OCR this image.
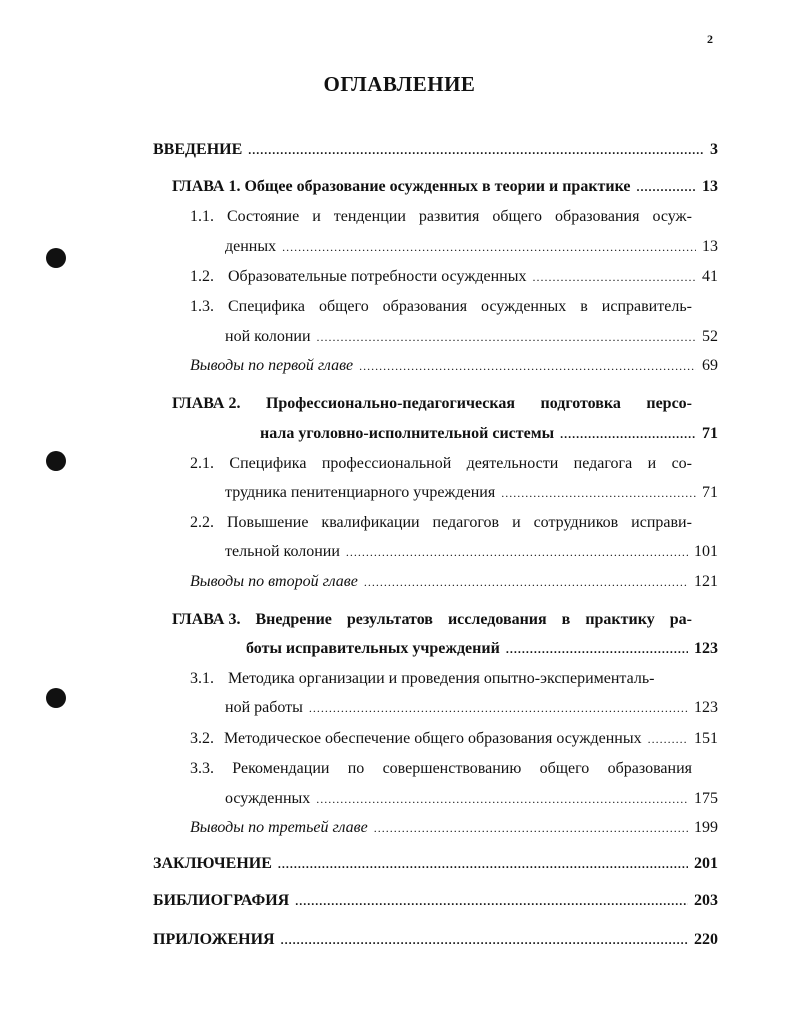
2
ОГЛАВЛЕНИЕ
ВВЕДЕНИЕ .....	3
ГЛАВА 1. Общее образование осужденных в теории и практике .....	13
1.1. Состояние и тенденции развития общего образования осуж-
денных .....	13
1.2. Образовательные потребности осужденных .....	41
1.3. Специфика общего образования осужденных в исправитель-
ной колонии .....	52
Выводы по первой главе .....	69
ГЛАВА 2. Профессионально-педагогическая подготовка персо-
нала уголовно-исполнительной системы .....	71
2.1. Специфика профессиональной деятельности педагога и со-
трудника пенитенциарного учреждения .....	71
2.2. Повышение квалификации педагогов и сотрудников исправи-
тельной колонии .....	101
Выводы по второй главе .....	121
ГЛАВА 3. Внедрение результатов исследования в практику ра-
боты исправительных учреждений .....	123
3.1. Методика организации и проведения опытно-эксперименталь-
ной работы .....	123
3.2. Методическое обеспечение общего образования осужденных .....	151
3.3. Рекомендации по совершенствованию общего образования
осужденных .....	175
Выводы по третьей главе .....	199
ЗАКЛЮЧЕНИЕ .....	201
БИБЛИОГРАФИЯ .....	203
ПРИЛОЖЕНИЯ .....	220
